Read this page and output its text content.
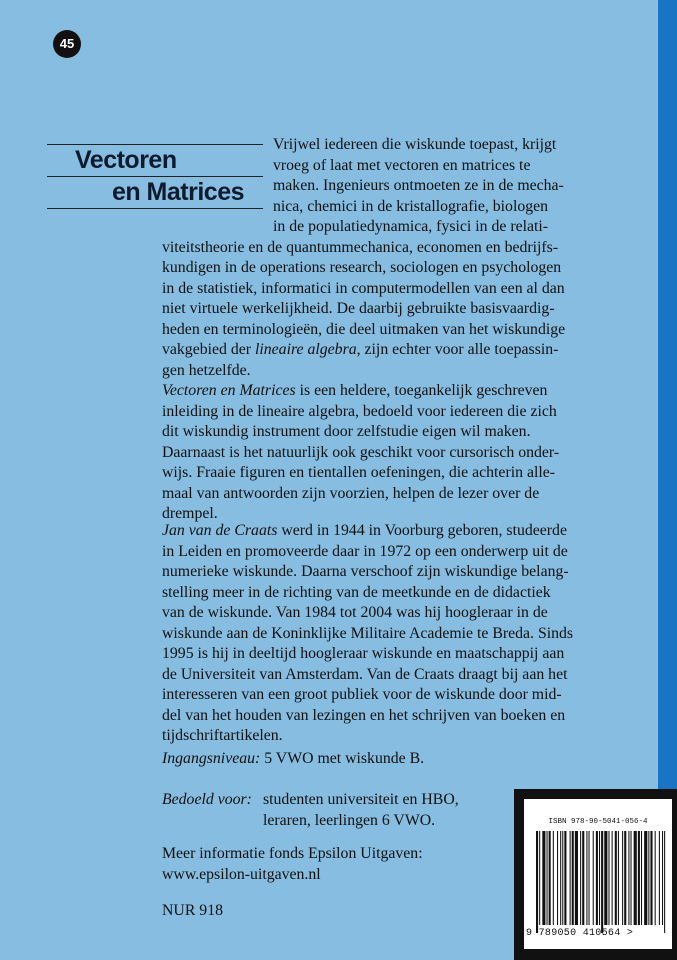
45
Vectoren
en Matrices
Vrijwel iedereen die wiskunde toepast, krijgt
vroeg of laat met vectoren en matrices te
maken. Ingenieurs ontmoeten ze in de mecha-
nica, chemici in de kristallografie, biologen
in de populatiedynamica, fysici in de relati-
viteitstheorie en de quantummechanica, economen en bedrijfs-
kundigen in de operations research, sociologen en psychologen
in de statistiek, informatici in computermodellen van een al dan
niet virtuele werkelijkheid. De daarbij gebruikte basisvaardig-
heden en terminologieën, die deel uitmaken van het wiskundige
vakgebied der lineaire algebra, zijn echter voor alle toepassin-
gen hetzelfde.
Vectoren en Matrices is een heldere, toegankelijk geschreven
inleiding in de lineaire algebra, bedoeld voor iedereen die zich
dit wiskundig instrument door zelfstudie eigen wil maken.
Daarnaast is het natuurlijk ook geschikt voor cursorisch onder-
wijs. Fraaie figuren en tientallen oefeningen, die achterin alle-
maal van antwoorden zijn voorzien, helpen de lezer over de
drempel.
Jan van de Craats werd in 1944 in Voorburg geboren, studeerde
in Leiden en promoveerde daar in 1972 op een onderwerp uit de
numerieke wiskunde. Daarna verschoof zijn wiskundige belang-
stelling meer in de richting van de meetkunde en de didactiek
van de wiskunde. Van 1984 tot 2004 was hij hoogleraar in de
wiskunde aan de Koninklijke Militaire Academie te Breda. Sinds
1995 is hij in deeltijd hoogleraar wiskunde en maatschappij aan
de Universiteit van Amsterdam. Van de Craats draagt bij aan het
interesseren van een groot publiek voor de wiskunde door mid-
del van het houden van lezingen en het schrijven van boeken en
tijdschriftartikelen.
Ingangsniveau: 5 VWO met wiskunde B.
Bedoeld voor: studenten universiteit en HBO,
leraren, leerlingen 6 VWO.
Meer informatie fonds Epsilon Uitgaven:
www.epsilon-uitgaven.nl
NUR 918
ISBN 978-90-5041-056-4
9 789050 410564 >
